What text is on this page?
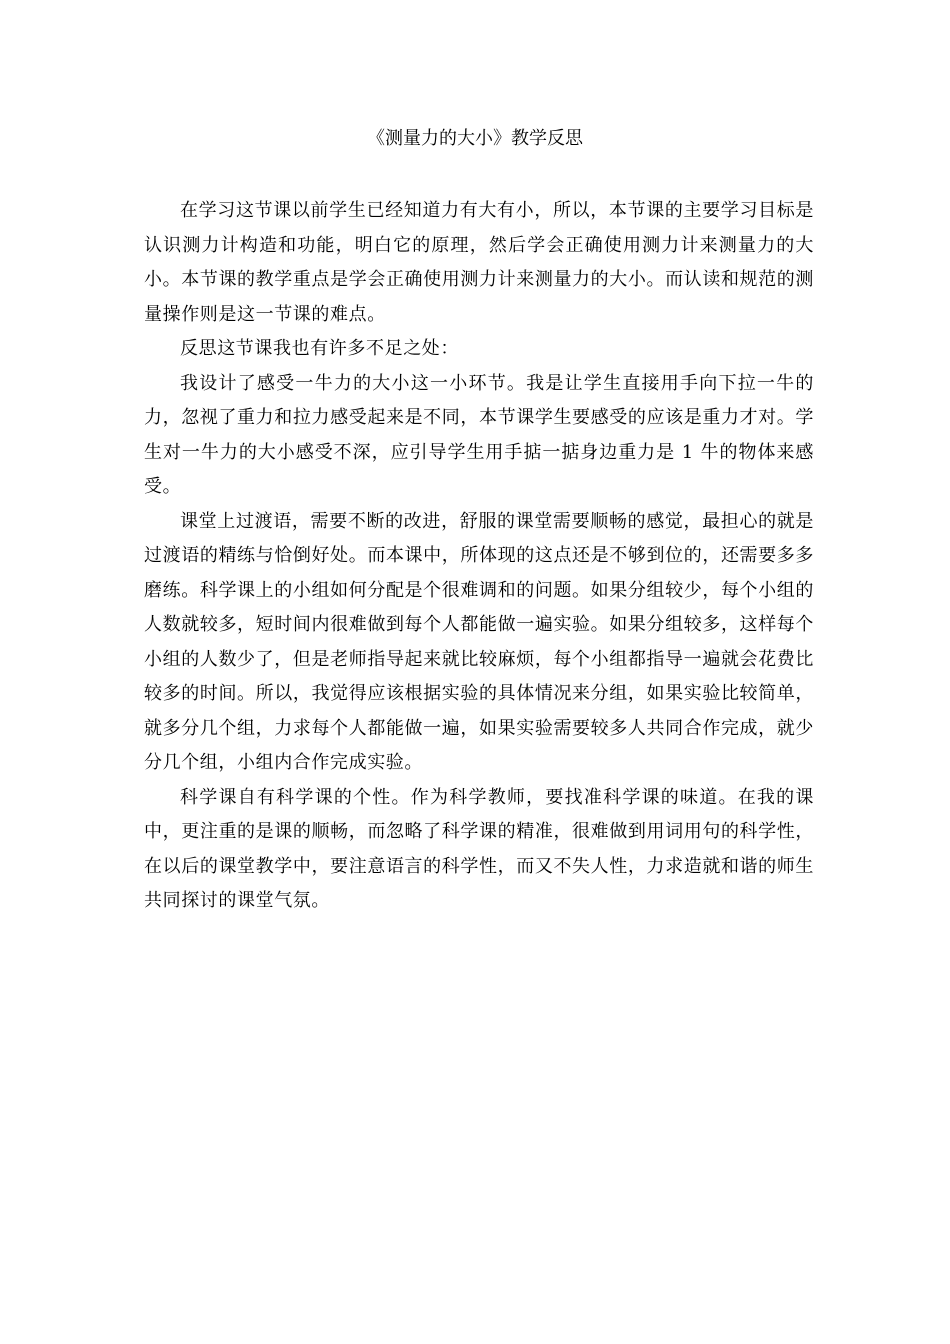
《测量力的大小》教学反思

在学习这节课以前学生已经知道力有大有小，所以，本节课的主要学习目标是认识测力计构造和功能，明白它的原理，然后学会正确使用测力计来测量力的大小。本节课的教学重点是学会正确使用测力计来测量力的大小。而认读和规范的测量操作则是这一节课的难点。

反思这节课我也有许多不足之处：

我设计了感受一牛力的大小这一小环节。我是让学生直接用手向下拉一牛的力，忽视了重力和拉力感受起来是不同，本节课学生要感受的应该是重力才对。学生对一牛力的大小感受不深，应引导学生用手掂一掂身边重力是 1 牛的物体来感受。

课堂上过渡语，需要不断的改进，舒服的课堂需要顺畅的感觉，最担心的就是过渡语的精练与恰倒好处。而本课中，所体现的这点还是不够到位的，还需要多多磨练。科学课上的小组如何分配是个很难调和的问题。如果分组较少，每个小组的人数就较多，短时间内很难做到每个人都能做一遍实验。如果分组较多，这样每个小组的人数少了，但是老师指导起来就比较麻烦，每个小组都指导一遍就会花费比较多的时间。所以，我觉得应该根据实验的具体情况来分组，如果实验比较简单，就多分几个组，力求每个人都能做一遍，如果实验需要较多人共同合作完成，就少分几个组，小组内合作完成实验。

科学课自有科学课的个性。作为科学教师，要找准科学课的味道。在我的课中，更注重的是课的顺畅，而忽略了科学课的精准，很难做到用词用句的科学性，在以后的课堂教学中，要注意语言的科学性，而又不失人性，力求造就和谐的师生共同探讨的课堂气氛。
